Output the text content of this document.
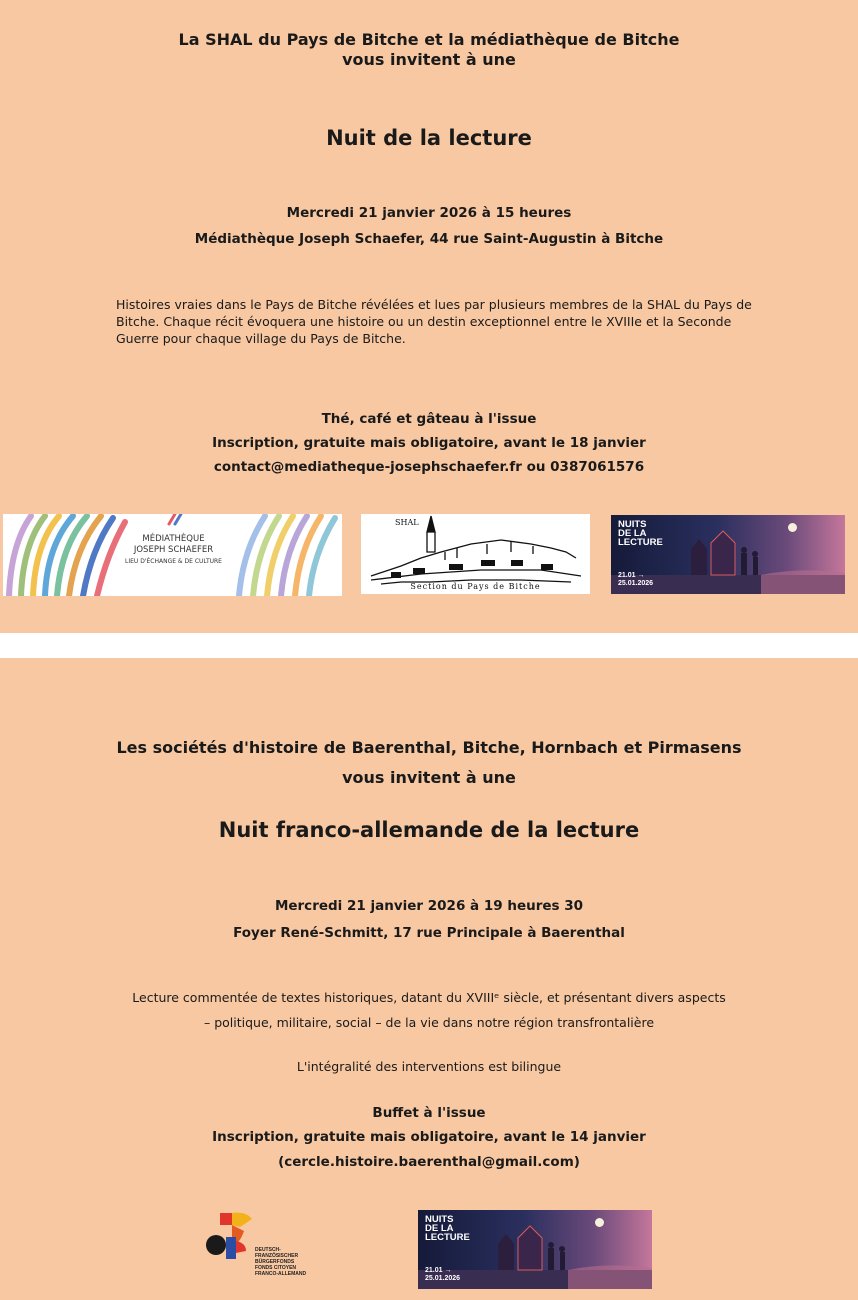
La SHAL du Pays de Bitche et la médiathèque de Bitche
vous invitent à une
Nuit de la lecture
Mercredi 21 janvier 2026 à 15 heures
Médiathèque Joseph Schaefer, 44 rue Saint-Augustin à Bitche
Histoires vraies dans le Pays de Bitche révélées et lues par plusieurs membres de la SHAL du Pays de Bitche. Chaque récit évoquera une histoire ou un destin exceptionnel entre le XVIIIe et la Seconde Guerre pour chaque village du Pays de Bitche.
Thé, café et gâteau à l'issue
Inscription, gratuite mais obligatoire, avant le 18 janvier
contact@mediatheque-josephschaefer.fr ou 0387061576
MÉDIATHÈQUE
JOSEPH SCHAEFER
LIEU D'ÉCHANGE & DE CULTURE
SHAL
Section du Pays de Bitche
NUITS DE LA LECTURE
21.01 →
25.01.2026
Les sociétés d'histoire de Baerenthal, Bitche, Hornbach et Pirmasens
vous invitent à une
Nuit franco-allemande de la lecture
Mercredi 21 janvier 2026 à 19 heures 30
Foyer René-Schmitt, 17 rue Principale à Baerenthal
Lecture commentée de textes historiques, datant du XVIIIᵉ siècle, et présentant divers aspects
– politique, militaire, social – de la vie dans notre région transfrontalière
L'intégralité des interventions est bilingue
Buffet à l'issue
Inscription, gratuite mais obligatoire, avant le 14 janvier
(cercle.histoire.baerenthal@gmail.com)
DEUTSCH-
FRANZÖSISCHER
BÜRGERFONDS
FONDS CITOYEN
FRANCO-ALLEMAND
NUITS DE LA LECTURE
21.01 →
25.01.2026
